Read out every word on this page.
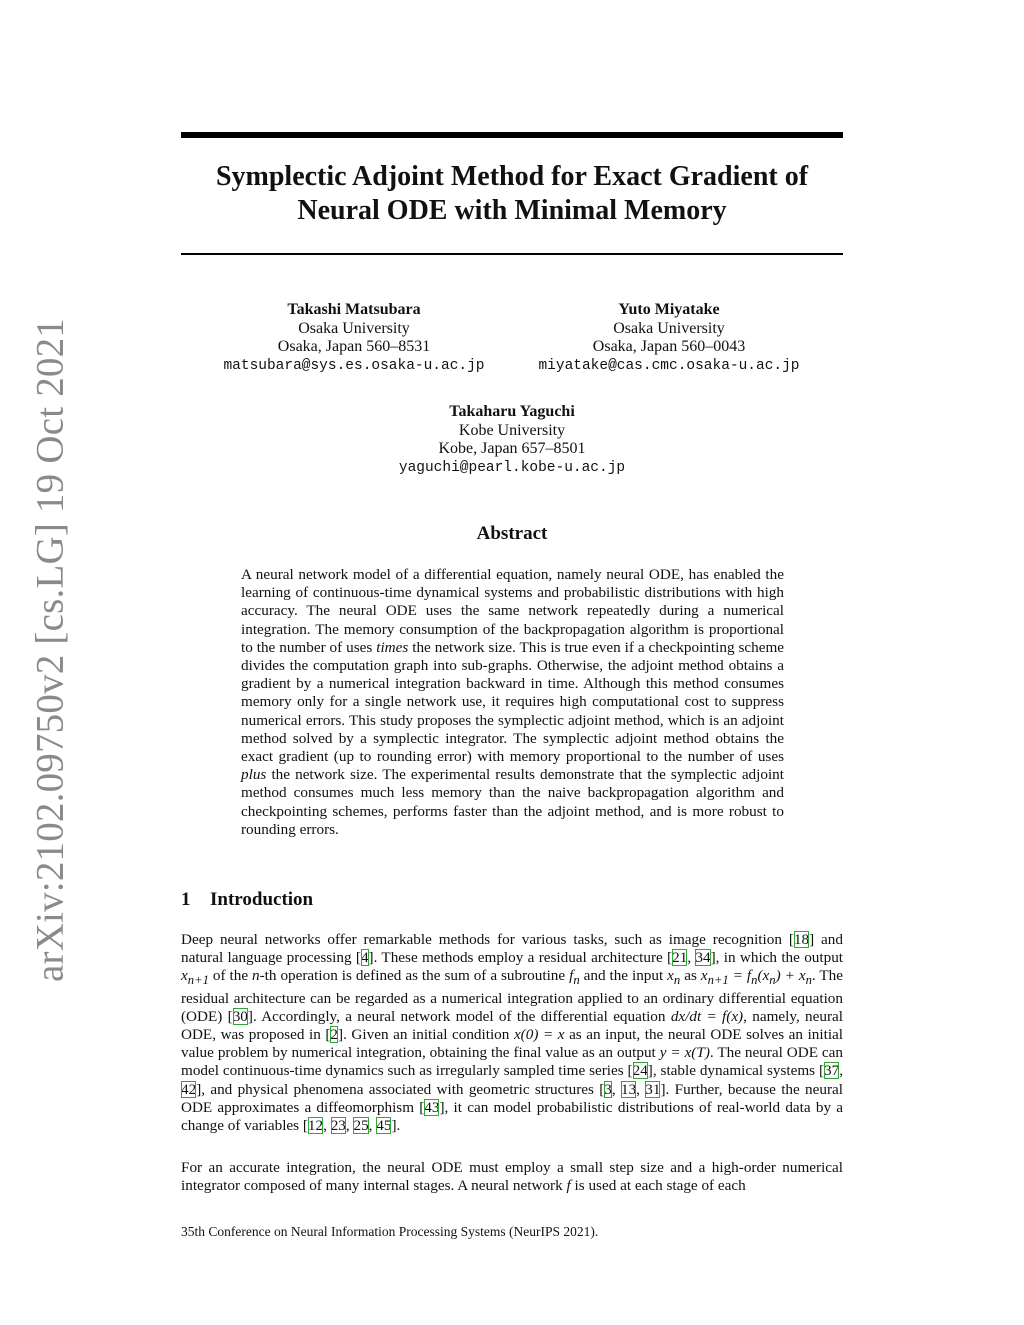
arXiv:2102.09750v2 [cs.LG] 19 Oct 2021
Symplectic Adjoint Method for Exact Gradient of
Neural ODE with Minimal Memory
Takashi Matsubara
Osaka University
Osaka, Japan 560–8531
matsubara@sys.es.osaka-u.ac.jp
Yuto Miyatake
Osaka University
Osaka, Japan 560–0043
miyatake@cas.cmc.osaka-u.ac.jp
Takaharu Yaguchi
Kobe University
Kobe, Japan 657–8501
yaguchi@pearl.kobe-u.ac.jp
Abstract

A neural network model of a differential equation, namely neural ODE, has enabled the learning of continuous-time dynamical systems and probabilistic distributions with high accuracy. The neural ODE uses the same network repeatedly during a numerical integration. The memory consumption of the backpropagation algorithm is proportional to the number of uses times the network size. This is true even if a checkpointing scheme divides the computation graph into sub-graphs. Otherwise, the adjoint method obtains a gradient by a numerical integration backward in time. Although this method consumes memory only for a single network use, it requires high computational cost to suppress numerical errors. This study proposes the symplectic adjoint method, which is an adjoint method solved by a symplectic integrator. The symplectic adjoint method obtains the exact gradient (up to rounding error) with memory proportional to the number of uses plus the network size. The experimental results demonstrate that the symplectic adjoint method consumes much less memory than the naive backpropagation algorithm and checkpointing schemes, performs faster than the adjoint method, and is more robust to rounding errors.

1 Introduction

Deep neural networks offer remarkable methods for various tasks, such as image recognition [18] and natural language processing [4]. These methods employ a residual architecture [21, 34], in which the output $x_{n+1}$ of the n-th operation is defined as the sum of a subroutine $f_n$ and the input $x_n$ as $x_{n+1} = f_n(x_n) + x_n$. The residual architecture can be regarded as a numerical integration applied to an ordinary differential equation (ODE) [30]. Accordingly, a neural network model of the differential equation dx/dt = f(x), namely, neural ODE, was proposed in [2]. Given an initial condition x(0) = x as an input, the neural ODE solves an initial value problem by numerical integration, obtaining the final value as an output y = x(T). The neural ODE can model continuous-time dynamics such as irregularly sampled time series [24], stable dynamical systems [37, 42], and physical phenomena associated with geometric structures [3, 13, 31]. Further, because the neural ODE approximates a diffeomorphism [43], it can model probabilistic distributions of real-world data by a change of variables [12, 23, 25, 45].

For an accurate integration, the neural ODE must employ a small step size and a high-order numerical integrator composed of many internal stages. A neural network f is used at each stage of each

35th Conference on Neural Information Processing Systems (NeurIPS 2021).
